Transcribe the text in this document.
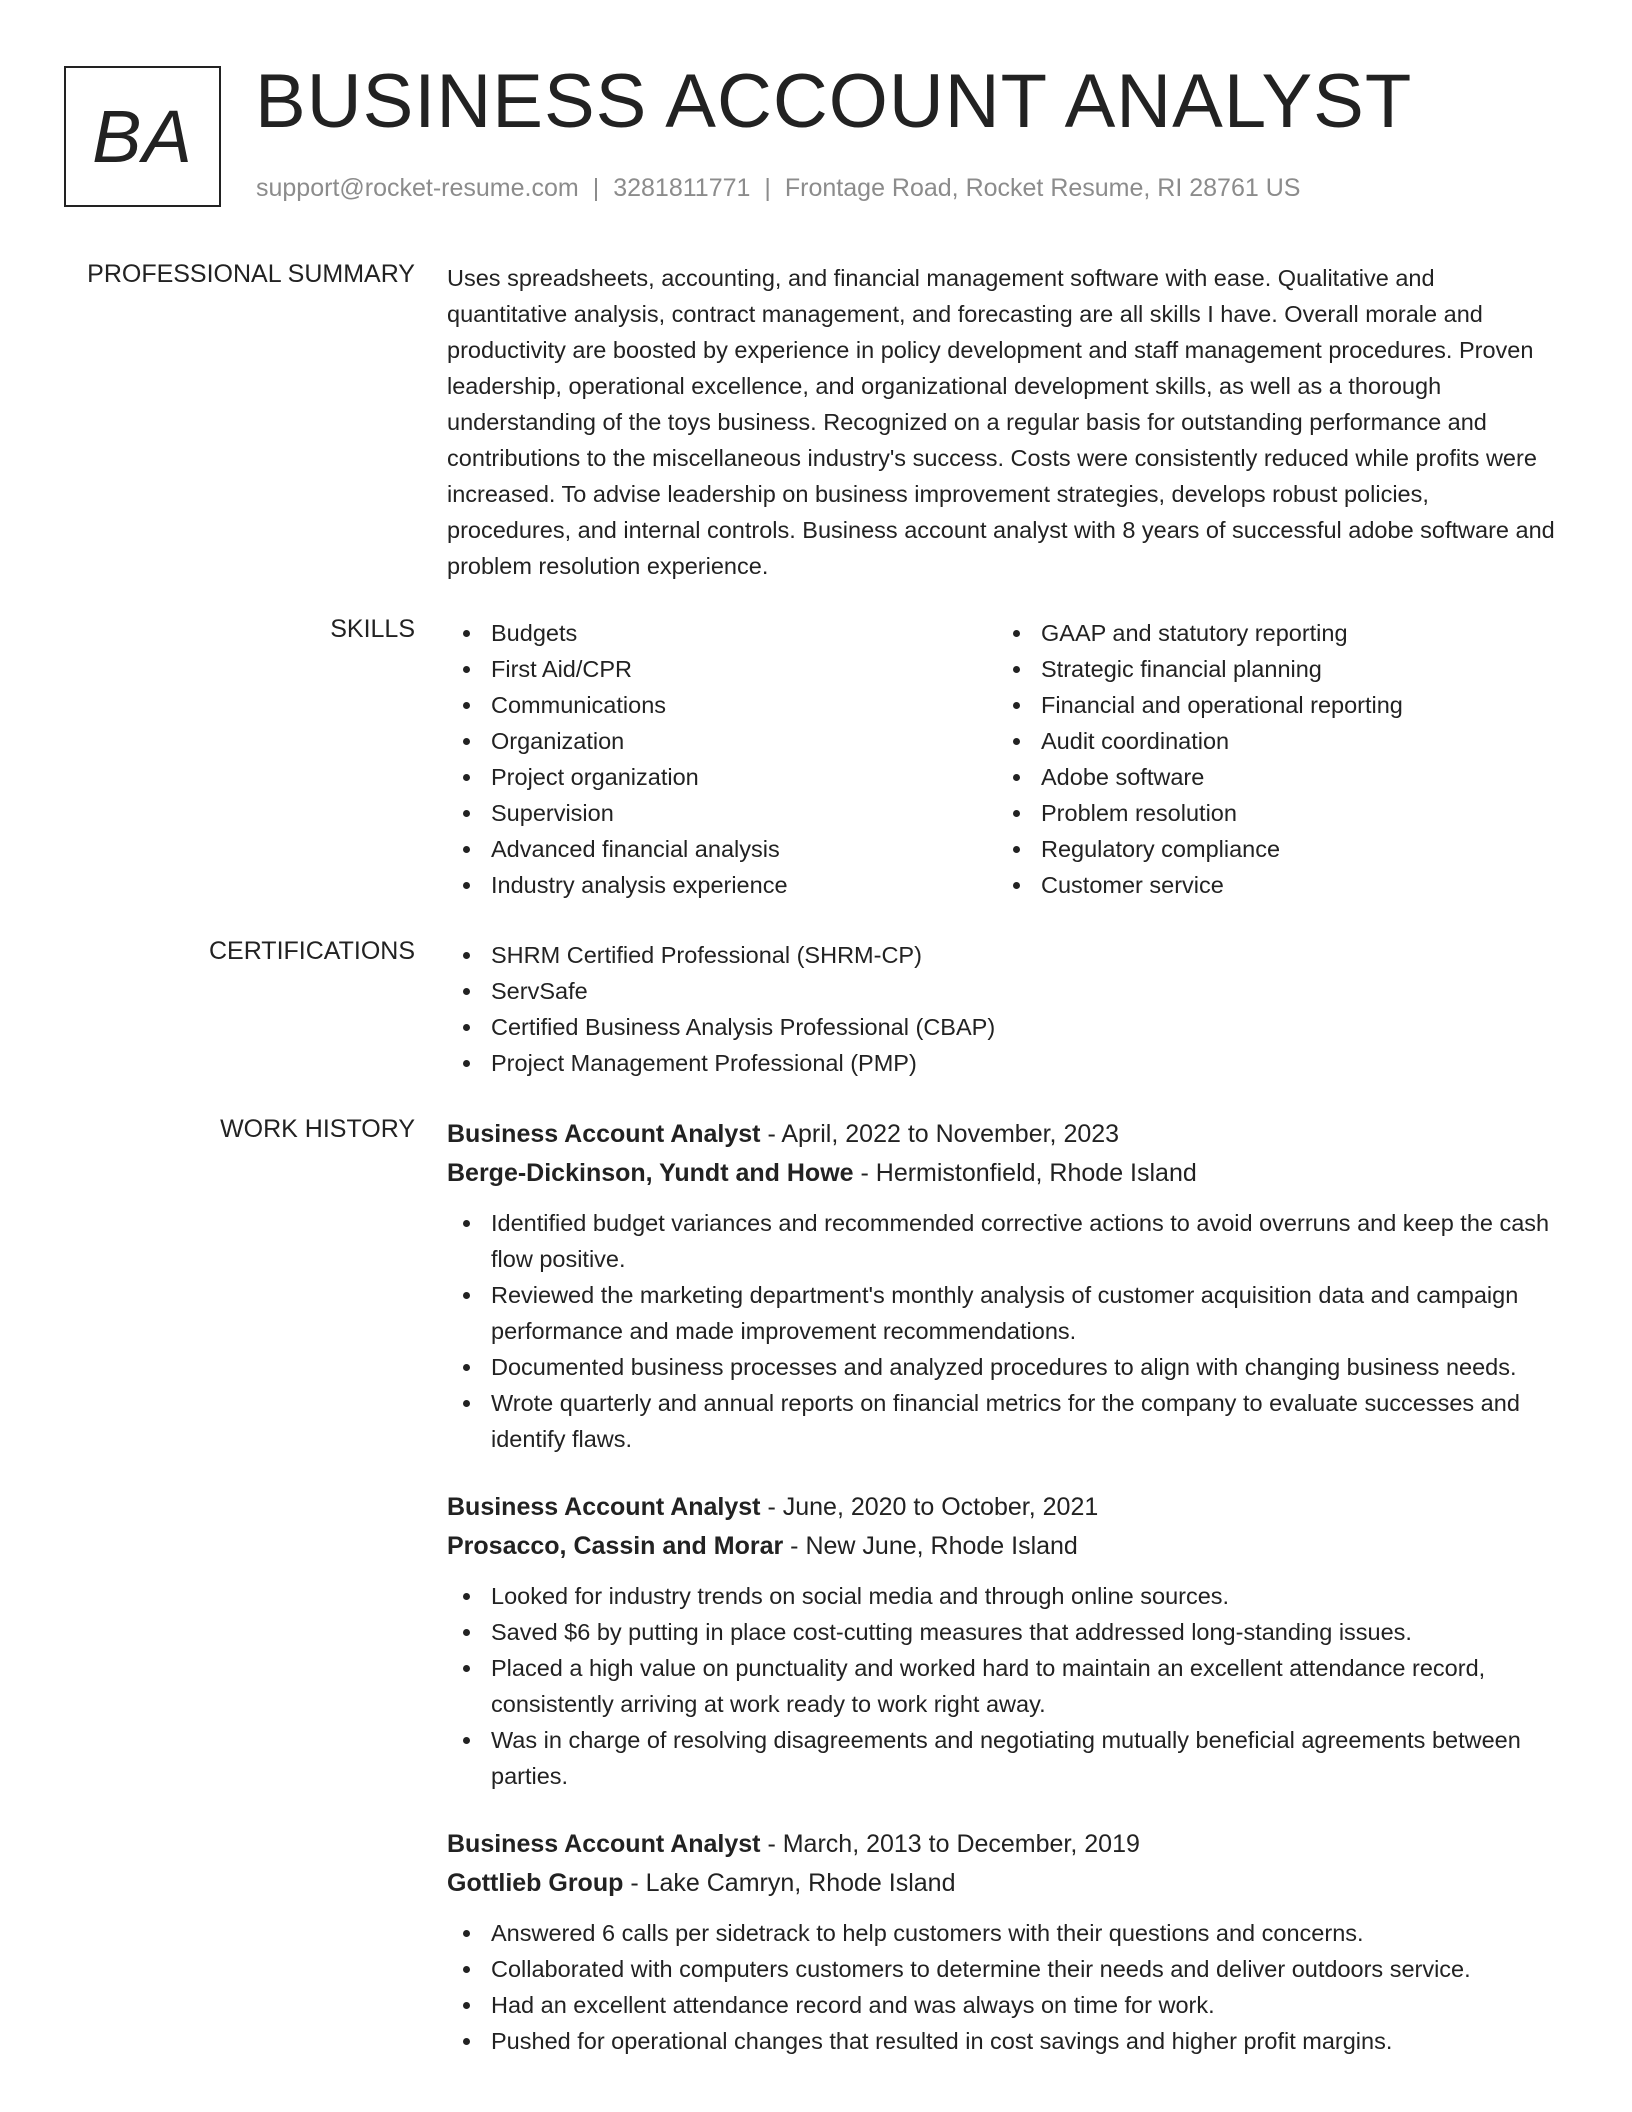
BA BUSINESS ACCOUNT ANALYST
support@rocket-resume.com | 3281811771 | Frontage Road, Rocket Resume, RI 28761 US
PROFESSIONAL SUMMARY Uses spreadsheets, accounting, and financial management software with ease. Qualitative and quantitative analysis, contract management, and forecasting are all skills I have. Overall morale and productivity are boosted by experience in policy development and staff management procedures. Proven leadership, operational excellence, and organizational development skills, as well as a thorough understanding of the toys business. Recognized on a regular basis for outstanding performance and contributions to the miscellaneous industry's success. Costs were consistently reduced while profits were increased. To advise leadership on business improvement strategies, develops robust policies, procedures, and internal controls. Business account analyst with 8 years of successful adobe software and problem resolution experience.

SKILLS	Budgets
First Aid/CPR
Communications
Organization
Project organization
Supervision
Advanced financial analysis
Industry analysis experience
GAAP and statutory reporting
Strategic financial planning
Financial and operational reporting
Audit coordination
Adobe software
Problem resolution
Regulatory compliance
Customer service
CERTIFICATIONS	SHRM Certified Professional (SHRM-CP)
ServSafe
Certified Business Analysis Professional (CBAP)
Project Management Professional (PMP)
WORK HISTORY Business Account Analyst - April, 2022 to November, 2023
Berge-Dickinson, Yundt and Howe - Hermistonfield, Rhode Island
Identified budget variances and recommended corrective actions to avoid overruns and keep the cash flow positive.
Reviewed the marketing department's monthly analysis of customer acquisition data and campaign performance and made improvement recommendations.
Documented business processes and analyzed procedures to align with changing business needs.
Wrote quarterly and annual reports on financial metrics for the company to evaluate successes and identify flaws.
Business Account Analyst - June, 2020 to October, 2021
Prosacco, Cassin and Morar - New June, Rhode Island
Looked for industry trends on social media and through online sources.
Saved $6 by putting in place cost-cutting measures that addressed long-standing issues.
Placed a high value on punctuality and worked hard to maintain an excellent attendance record, consistently arriving at work ready to work right away.
Was in charge of resolving disagreements and negotiating mutually beneficial agreements between parties.
Business Account Analyst - March, 2013 to December, 2019
Gottlieb Group - Lake Camryn, Rhode Island
Answered 6 calls per sidetrack to help customers with their questions and concerns.
Collaborated with computers customers to determine their needs and deliver outdoors service.
Had an excellent attendance record and was always on time for work.
Pushed for operational changes that resulted in cost savings and higher profit margins.
